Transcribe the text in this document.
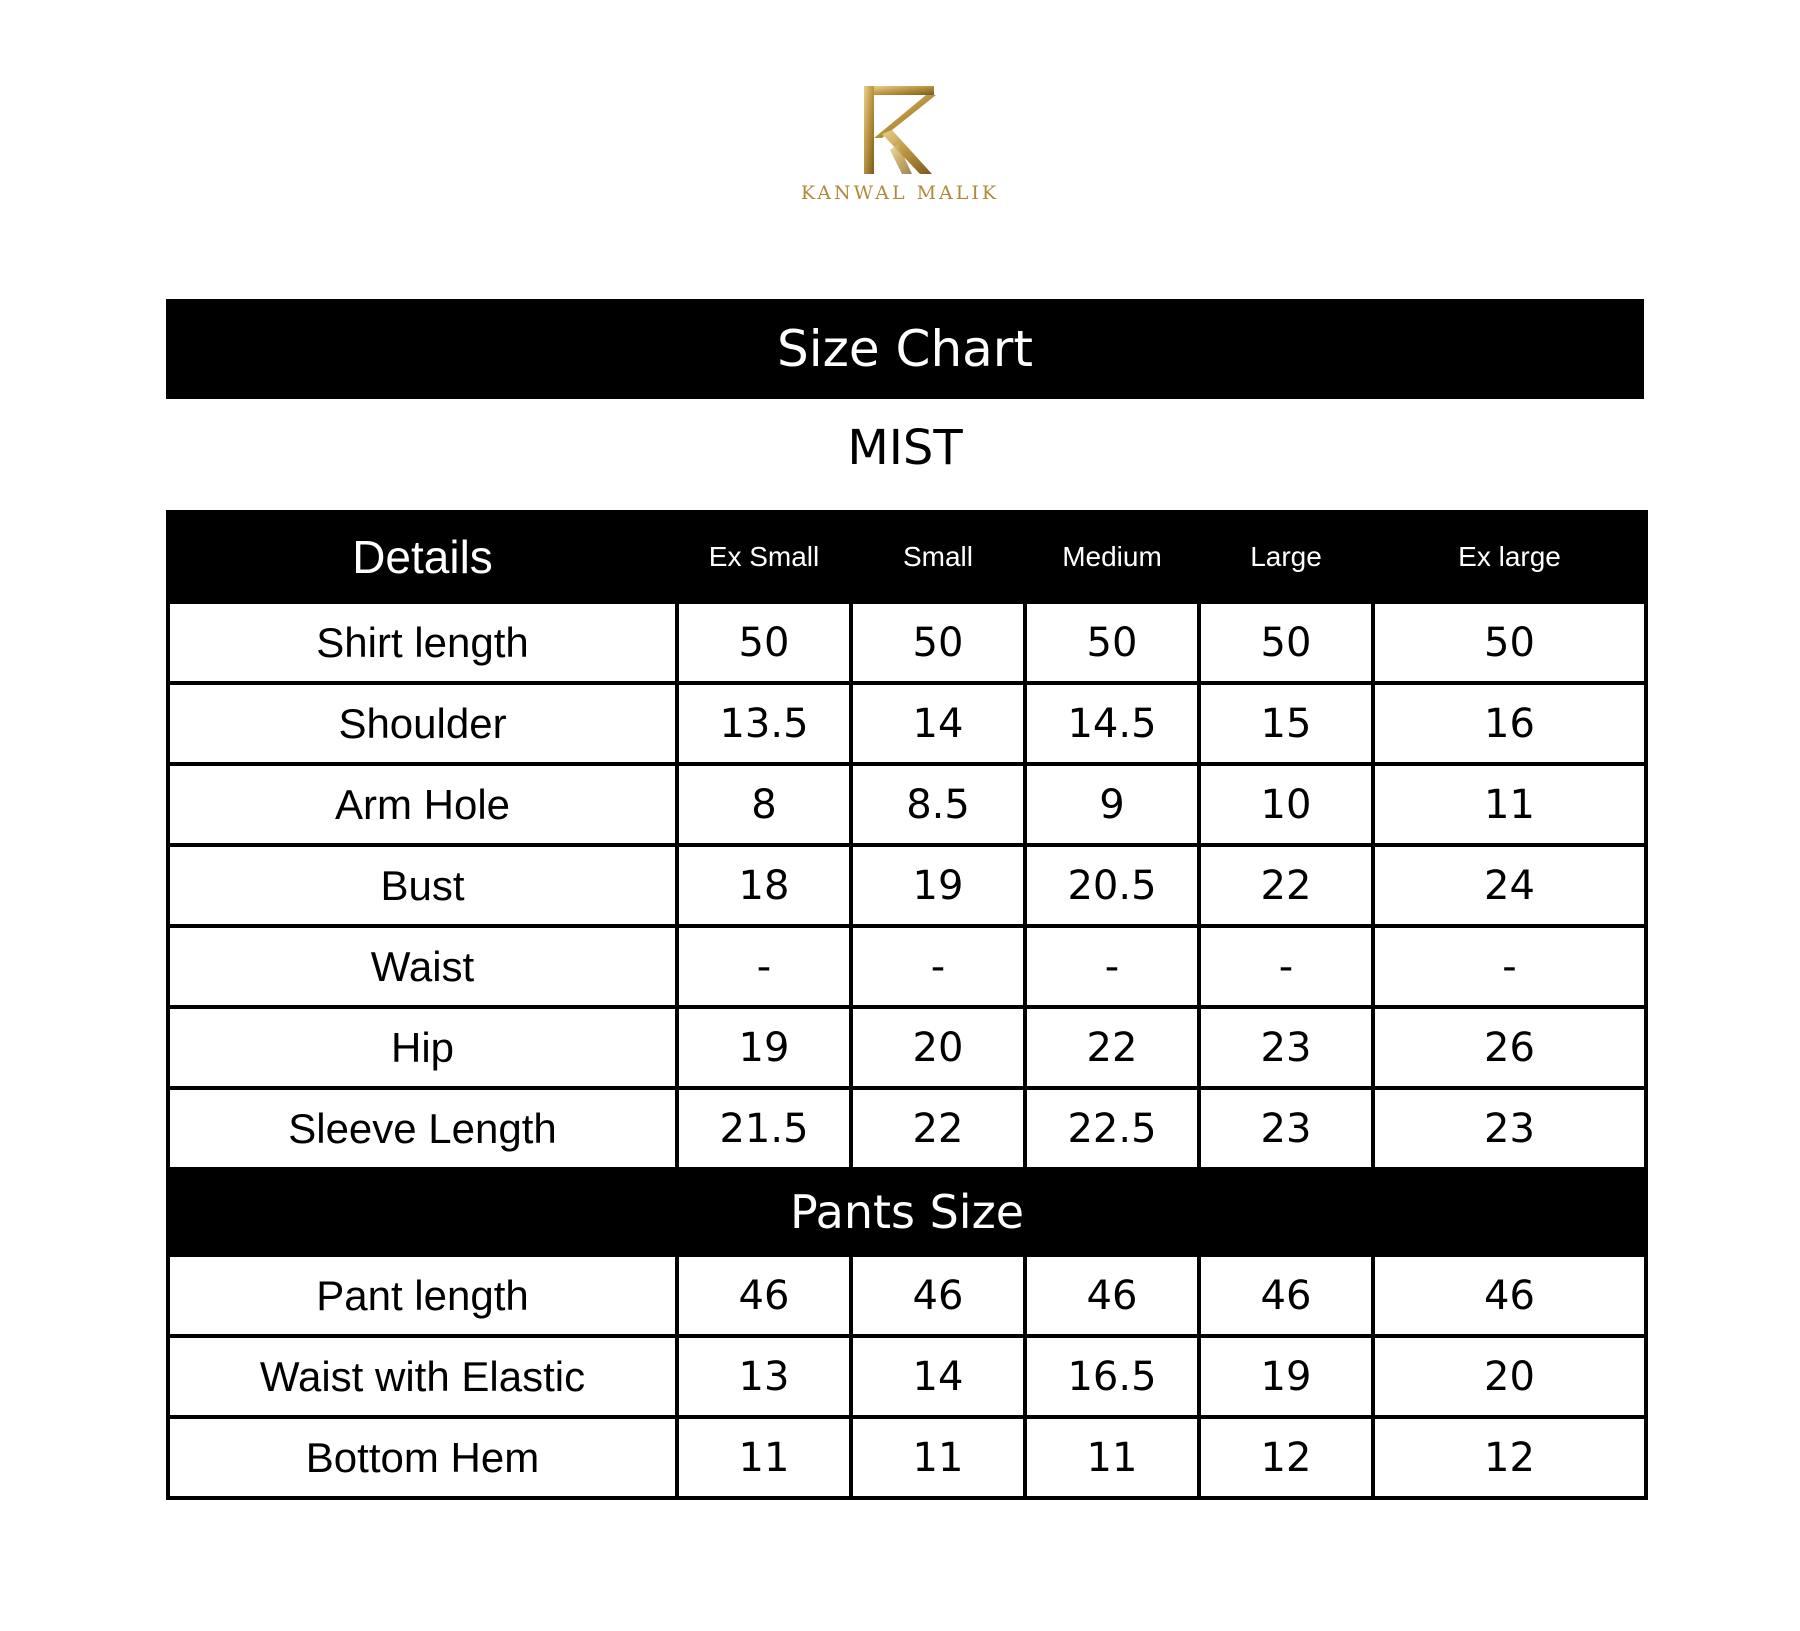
KANWAL MALIK
Size Chart
MIST
Details	Ex Small	Small	Medium	Large	Ex large
Shirt length	50	50	50	50	50
Shoulder	13.5	14	14.5	15	16
Arm Hole	8	8.5	9	10	11
Bust	18	19	20.5	22	24
Waist	-	-	-	-	-
Hip	19	20	22	23	26
Sleeve Length	21.5	22	22.5	23	23
Pants Size					
Pant length	46	46	46	46	46
Waist with Elastic	13	14	16.5	19	20
Bottom Hem	11	11	11	12	12
